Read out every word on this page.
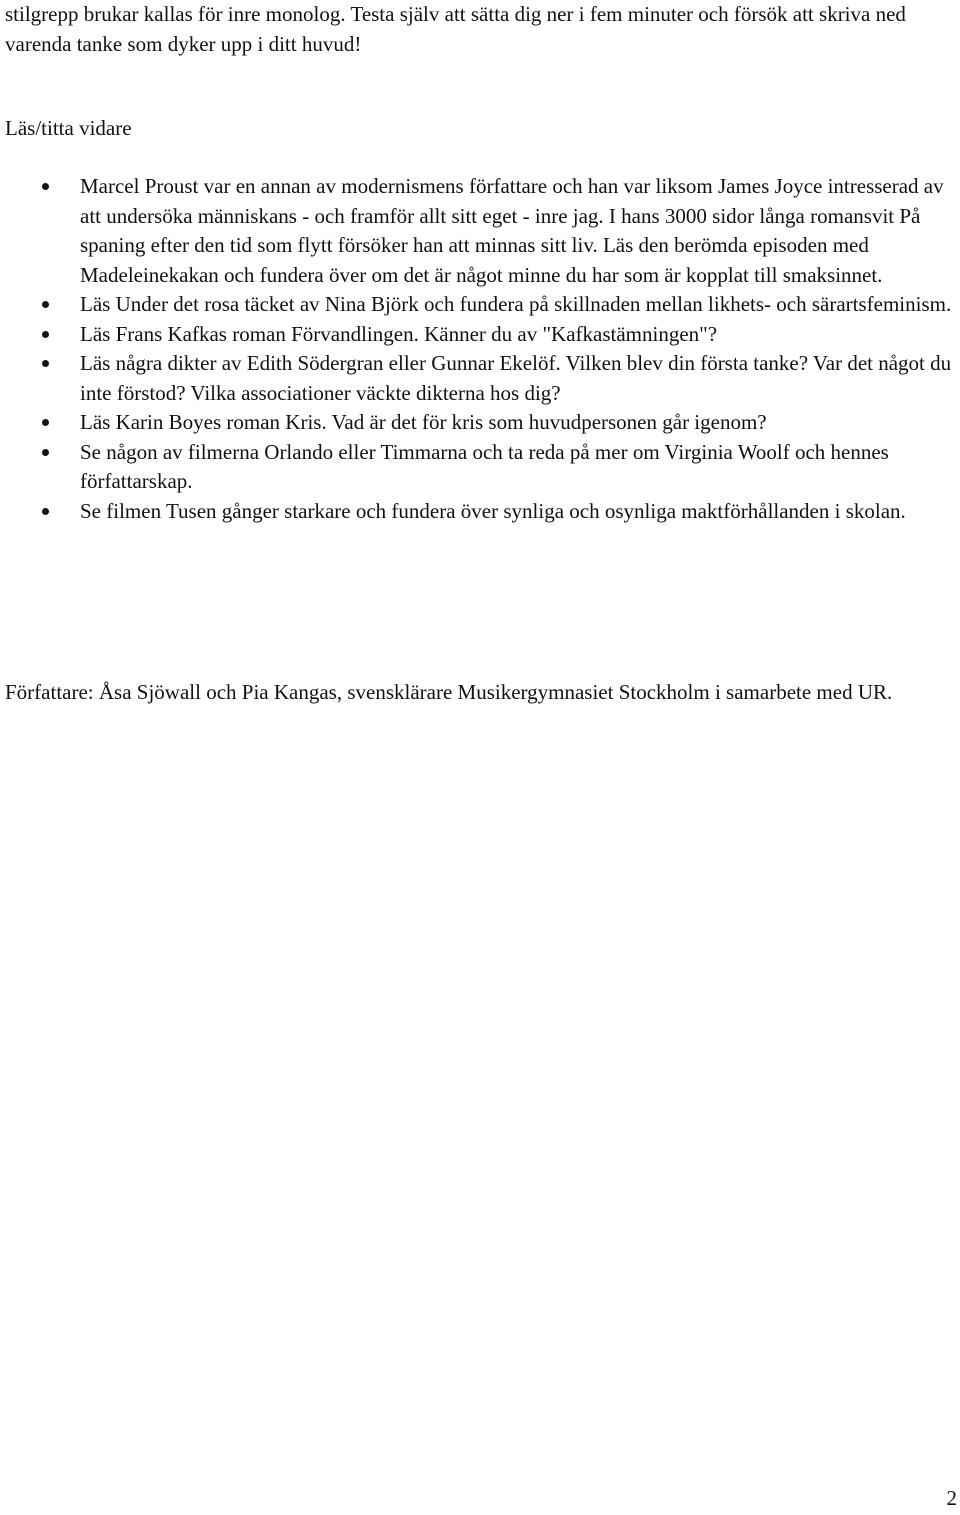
stilgrepp brukar kallas för inre monolog. Testa själv att sätta dig ner i fem minuter och försök att skriva ned varenda tanke som dyker upp i ditt huvud!

Läs/titta vidare
Marcel Proust var en annan av modernismens författare och han var liksom James Joyce intresserad av att undersöka människans - och framför allt sitt eget - inre jag. I hans 3000 sidor långa romansvit På spaning efter den tid som flytt försöker han att minnas sitt liv. Läs den berömda episoden med Madeleinekakan och fundera över om det är något minne du har som är kopplat till smaksinnet.
Läs Under det rosa täcket av Nina Björk och fundera på skillnaden mellan likhets- och särartsfeminism.
Läs Frans Kafkas roman Förvandlingen. Känner du av "Kafkastämningen"?
Läs några dikter av Edith Södergran eller Gunnar Ekelöf. Vilken blev din första tanke? Var det något du inte förstod? Vilka associationer väckte dikterna hos dig?
Läs Karin Boyes roman Kris. Vad är det för kris som huvudpersonen går igenom?
Se någon av filmerna Orlando eller Timmarna och ta reda på mer om Virginia Woolf och hennes författarskap.
Se filmen Tusen gånger starkare och fundera över synliga och osynliga maktförhållanden i skolan.

Författare: Åsa Sjöwall och Pia Kangas, svensklärare Musikergymnasiet Stockholm i samarbete med UR.

2
